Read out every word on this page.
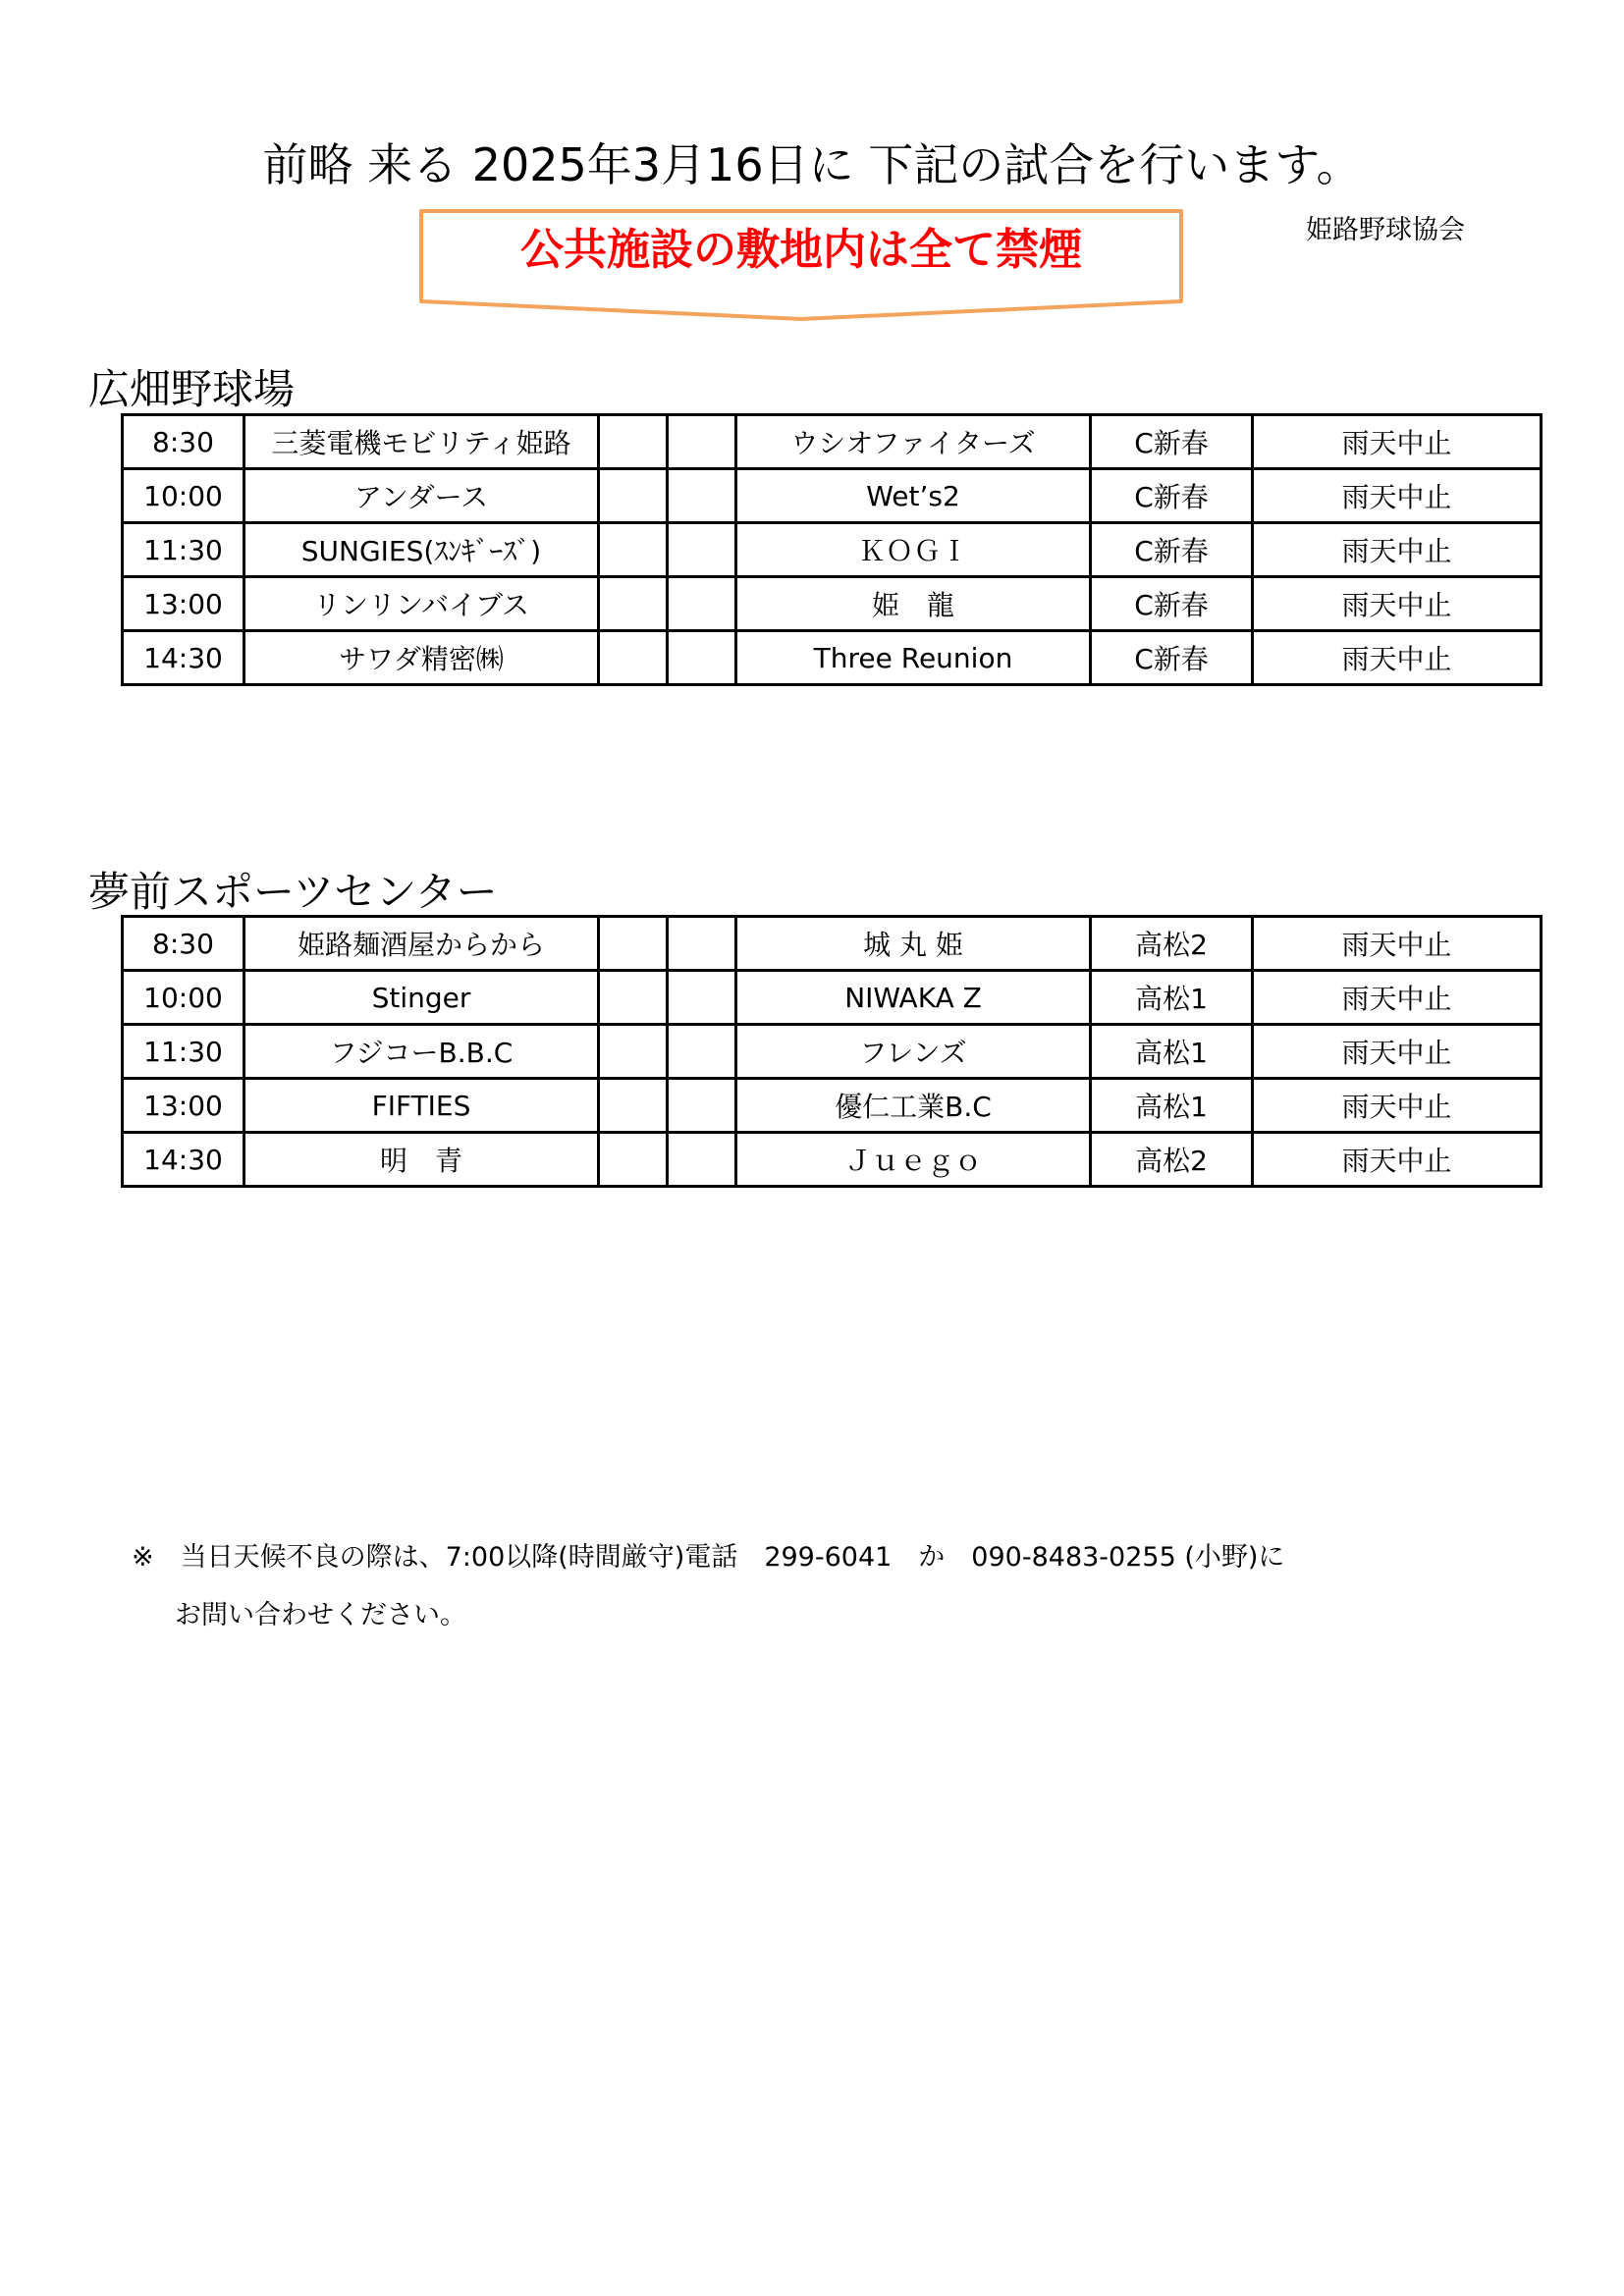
前略 来る 2025年3月16日に 下記の試合を行います。
姫路野球協会
公共施設の敷地内は全て禁煙
広畑野球場
8:30	三菱電機モビリティ姫路			ウシオファイターズ	C新春	雨天中止
10:00	アンダース			Wet’s2	C新春	雨天中止
11:30	SUNGIES(ｽﾝｷﾞｰｽﾞ)			ＫＯＧＩ	C新春	雨天中止
13:00	リンリンバイブス			姫　龍	C新春	雨天中止
14:30	サワダ精密㈱			Three Reunion	C新春	雨天中止
夢前スポーツセンター
8:30	姫路麺酒屋からから			城 丸 姫	高松2	雨天中止
10:00	Stinger			NIWAKA Z	高松1	雨天中止
11:30	フジコーB.B.C			フレンズ	高松1	雨天中止
13:00	FIFTIES			優仁工業B.C	高松1	雨天中止
14:30	明　青			Ｊｕｅｇｏ	高松2	雨天中止
※　当日天候不良の際は、7:00以降(時間厳守)電話　299-6041　か　090-8483-0255 (小野)に
お問い合わせください。
